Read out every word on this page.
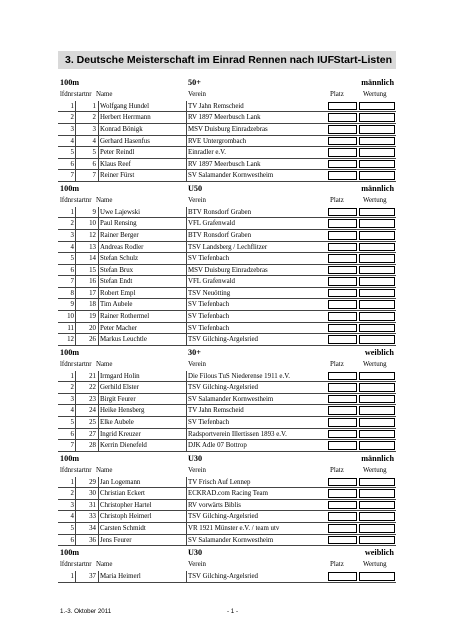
3. Deutsche Meisterschaft im Einrad Rennen nach IUF Start-Listen
100m	50+	männlich
lfdnr startnr Name	Verein	Platz	Wertung
1	1 Wolfgang Hundel	TV Jahn Remscheid
2	2 Herbert Herrmann	RV 1897 Meerbusch Lank
3	3 Konrad Bönigk	MSV Duisburg Einradzebras
4	4 Gerhard Hasenfus	RVE Untergrombach
5	5 Peter Reindl	Einradler e.V.
6	6 Klaus Reef	RV 1897 Meerbusch Lank
7	7 Reiner Fürst	SV Salamander Kornwestheim
100m	U50	männlich
lfdnr startnr Name	Verein	Platz	Wertung
1	9 Uwe Lajewski	BTV Ronsdorf Graben
2	10 Paul Rensing	VFL Grafenwald
3	12 Rainer Berger	BTV Ronsdorf Graben
4	13 Andreas Rodler	TSV Landsberg / Lechflitzer
5	14 Stefan Schulz	SV Tiefenbach
6	15 Stefan Brux	MSV Duisburg Einradzebras
7	16 Stefan Endt	VFL Grafenwald
8	17 Robert Empl	TSV Neuötting
9	18 Tim Aubele	SV Tiefenbach
10	19 Rainer Rothermel	SV Tiefenbach
11	20 Peter Macher	SV Tiefenbach
12	26 Markus Leuchtle	TSV Gilching-Argelsried
100m	30+	weiblich
lfdnr startnr Name	Verein	Platz	Wertung
1	21 Irmgard Holin	Die Filous TuS Niederense 1911 e.V.
2	22 Gerhild Elster	TSV Gilching-Argelsried
3	23 Birgit Feurer	SV Salamander Kornwestheim
4	24 Heike Hensberg	TV Jahn Remscheid
5	25 Elke Aubele	SV Tiefenbach
6	27 Ingrid Kreuzer	Radsportverein Illertissen 1893 e.V.
7	28 Kerrin Dienefeld	DJK Adle 07 Bottrop
100m	U30	männlich
lfdnr startnr Name	Verein	Platz	Wertung
1	29 Jan Logemann	TV Frisch Auf Lennep
2	30 Christian Eckert	ECKRAD.com Racing Team
3	31 Christopher Hartel	RV vorwärts Biblis
4	33 Christoph Heimerl	TSV Gilching-Argelsried
5	34 Carsten Schmidt	VR 1921 Münster e.V. / team utv
6	36 Jens Feurer	SV Salamander Kornwestheim
100m	U30	weiblich
lfdnr startnr Name	Verein	Platz	Wertung
1	37 Maria Heimerl	TSV Gilching-Argelsried
1.-3. Oktober 2011	- 1 -
